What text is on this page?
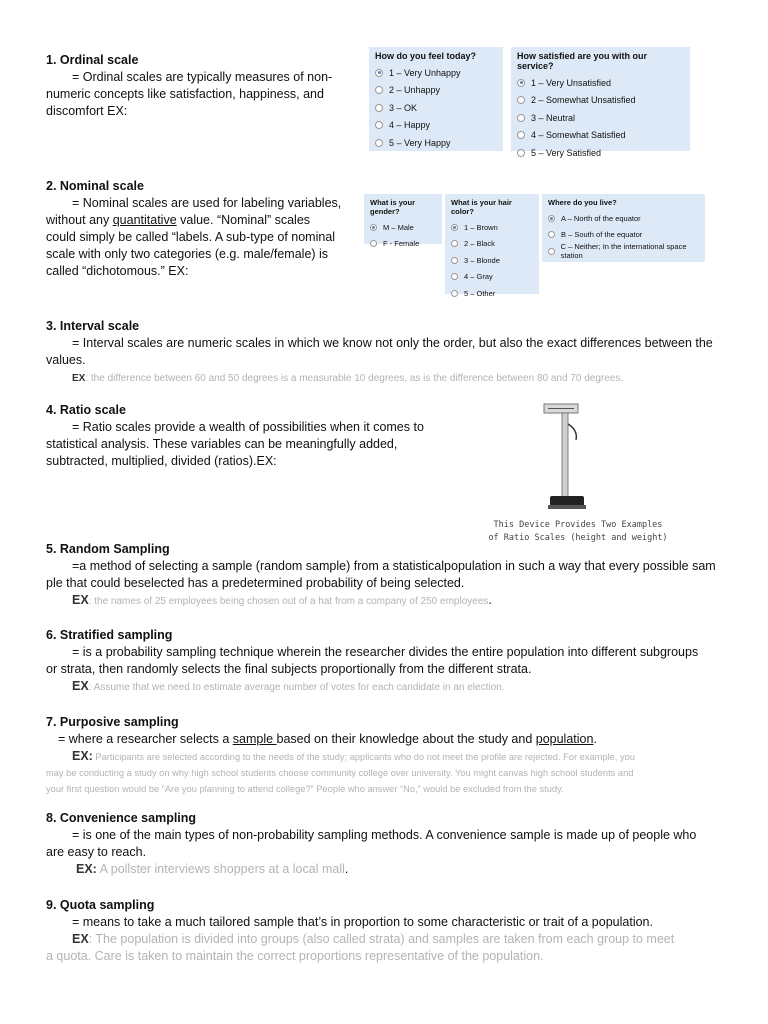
1. Ordinal scale
= Ordinal scales are typically measures of non-
numeric concepts like satisfaction, happiness, and
discomfort EX:
How do you feel today?
1 – Very Unhappy
2 – Unhappy
3 – OK
4 – Happy
5 – Very Happy
How satisfied are you with our service?
1 – Very Unsatisfied
2 – Somewhat Unsatisfied
3 – Neutral
4 – Somewhat Satisfied
5 – Very Satisfied
2. Nominal scale
= Nominal scales are used for labeling variables,
without any quantitative value. “Nominal” scales
could simply be called “labels. A sub-type of nominal
scale with only two categories (e.g. male/female) is
called “dichotomous.” EX:
What is your gender?
M – Male
F - Female
What is your hair color?
1 – Brown
2 – Black
3 – Blonde
4 – Gray
5 – Other
Where do you live?
A – North of the equator
B – South of the equator
C – Neither; In the international space station
3. Interval scale
= Interval scales are numeric scales in which we know not only the order, but also the exact differences between the
values.
EX: the difference between 60 and 50 degrees is a measurable 10 degrees, as is the difference between 80 and 70 degrees.
4. Ratio scale
= Ratio scales provide a wealth of possibilities when it comes to
statistical analysis. These variables can be meaningfully added,
subtracted, multiplied, divided (ratios).EX:
This Device Provides Two Examples
of Ratio Scales (height and weight)
5. Random Sampling
=a method of selecting a sample (random sample) from a statisticalpopulation in such a way that every possible sam
ple that could beselected has a predetermined probability of being selected.
EX: the names of 25 employees being chosen out of a hat from a company of 250 employees.
6. Stratified sampling
= is a probability sampling technique wherein the researcher divides the entire population into different subgroups
or strata, then randomly selects the final subjects proportionally from the different strata.
EX: Assume that we need to estimate average number of votes for each candidate in an election.
7. Purposive sampling
= where a researcher selects a sample based on their knowledge about the study and population.

EX: Participants are selected according to the needs of the study; applicants who do not meet the profile are rejected. For example, you
may be conducting a study on why high school students choose community college over university. You might canvas high school students and
your first question would be “Are you planning to attend college?” People who answer “No,” would be excluded from the study.
8. Convenience sampling
= is one of the main types of non-probability sampling methods. A convenience sample is made up of people who
are easy to reach.
EX: A pollster interviews shoppers at a local mall.
9. Quota sampling
= means to take a much tailored sample that’s in proportion to some characteristic or trait of a population.
EX: The population is divided into groups (also called strata) and samples are taken from each group to meet
a quota. Care is taken to maintain the correct proportions representative of the population.
